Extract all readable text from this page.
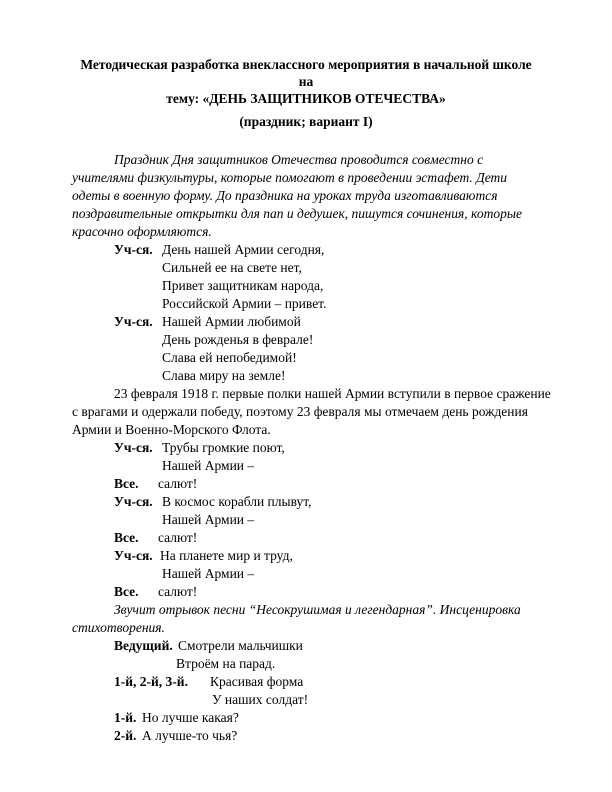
Методическая разработка внеклассного мероприятия в начальной школе на
тему: «ДЕНЬ ЗАЩИТНИКОВ ОТЕЧЕСТВА»
(праздник; вариант I)
Праздник Дня защитников Отечества проводится совместно с
учителями физкультуры, которые помогают в проведении эстафет. Дети
одеты в военную форму. До праздника на уроках труда изготавливаются
поздравительные открытки для пап и дедушек, пишутся сочинения, которые
красочно оформляются.
Уч-ся. День нашей Армии сегодня,
Сильней ее на свете нет,
Привет защитникам народа,
Российской Армии – привет.
Уч-ся. Нашей Армии любимой
День рожденья в феврале!
Слава ей непобедимой!
Слава миру на земле!
23 февраля 1918 г. первые полки нашей Армии вступили в первое сражение
с врагами и одержали победу, поэтому 23 февраля мы отмечаем день рождения
Армии и Военно-Морского Флота.
Уч-ся. Трубы громкие поют,
Нашей Армии –
Все. салют!
Уч-ся. В космос корабли плывут,
Нашей Армии –
Все. салют!
Уч-ся. На планете мир и труд,
Нашей Армии –
Все. салют!
Звучит отрывок песни “Несокрушимая и легендарная”. Инсценировка
стихотворения.
Ведущий. Смотрели мальчишки
Втроём на парад.
1-й, 2-й, 3-й. Красивая форма
У наших солдат!
1-й. Но лучше какая?
2-й. А лучше-то чья?
